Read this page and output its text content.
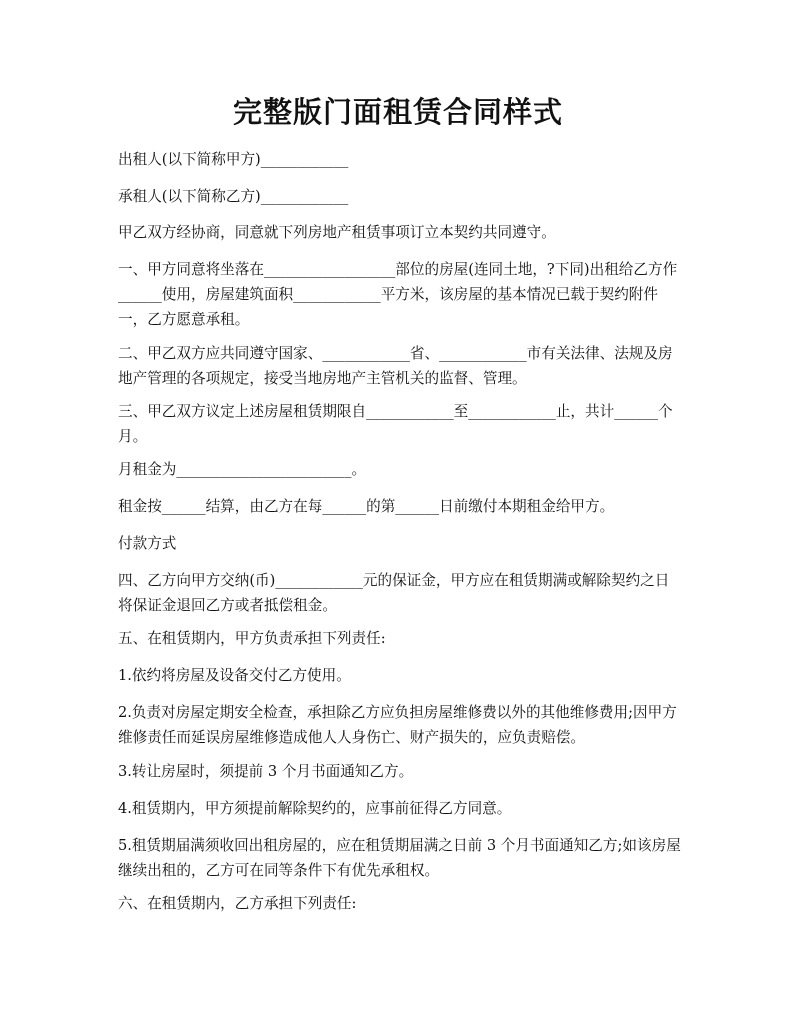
完整版门面租赁合同样式

出租人(以下简称甲方)____________

承租人(以下简称乙方)____________

甲乙双方经协商，同意就下列房地产租赁事项订立本契约共同遵守。

一、甲方同意将坐落在__________________部位的房屋(连同土地，?下同)出租给乙方作______使用，房屋建筑面积____________平方米，该房屋的基本情况已载于契约附件一，乙方愿意承租。

二、甲乙双方应共同遵守国家、____________省、____________市有关法律、法规及房地产管理的各项规定，接受当地房地产主管机关的监督、管理。

三、甲乙双方议定上述房屋租赁期限自____________至____________止，共计______个月。

月租金为________________________。

租金按______结算，由乙方在每______的第______日前缴付本期租金给甲方。

付款方式

四、乙方向甲方交纳(币)____________元的保证金，甲方应在租赁期满或解除契约之日将保证金退回乙方或者抵偿租金。

五、在租赁期内，甲方负责承担下列责任:

1.依约将房屋及设备交付乙方使用。

2.负责对房屋定期安全检查，承担除乙方应负担房屋维修费以外的其他维修费用;因甲方维修责任而延误房屋维修造成他人人身伤亡、财产损失的，应负责赔偿。

3.转让房屋时，须提前 3 个月书面通知乙方。

4.租赁期内，甲方须提前解除契约的，应事前征得乙方同意。

5.租赁期届满须收回出租房屋的，应在租赁期届满之日前 3 个月书面通知乙方;如该房屋继续出租的，乙方可在同等条件下有优先承租权。

六、在租赁期内，乙方承担下列责任:
